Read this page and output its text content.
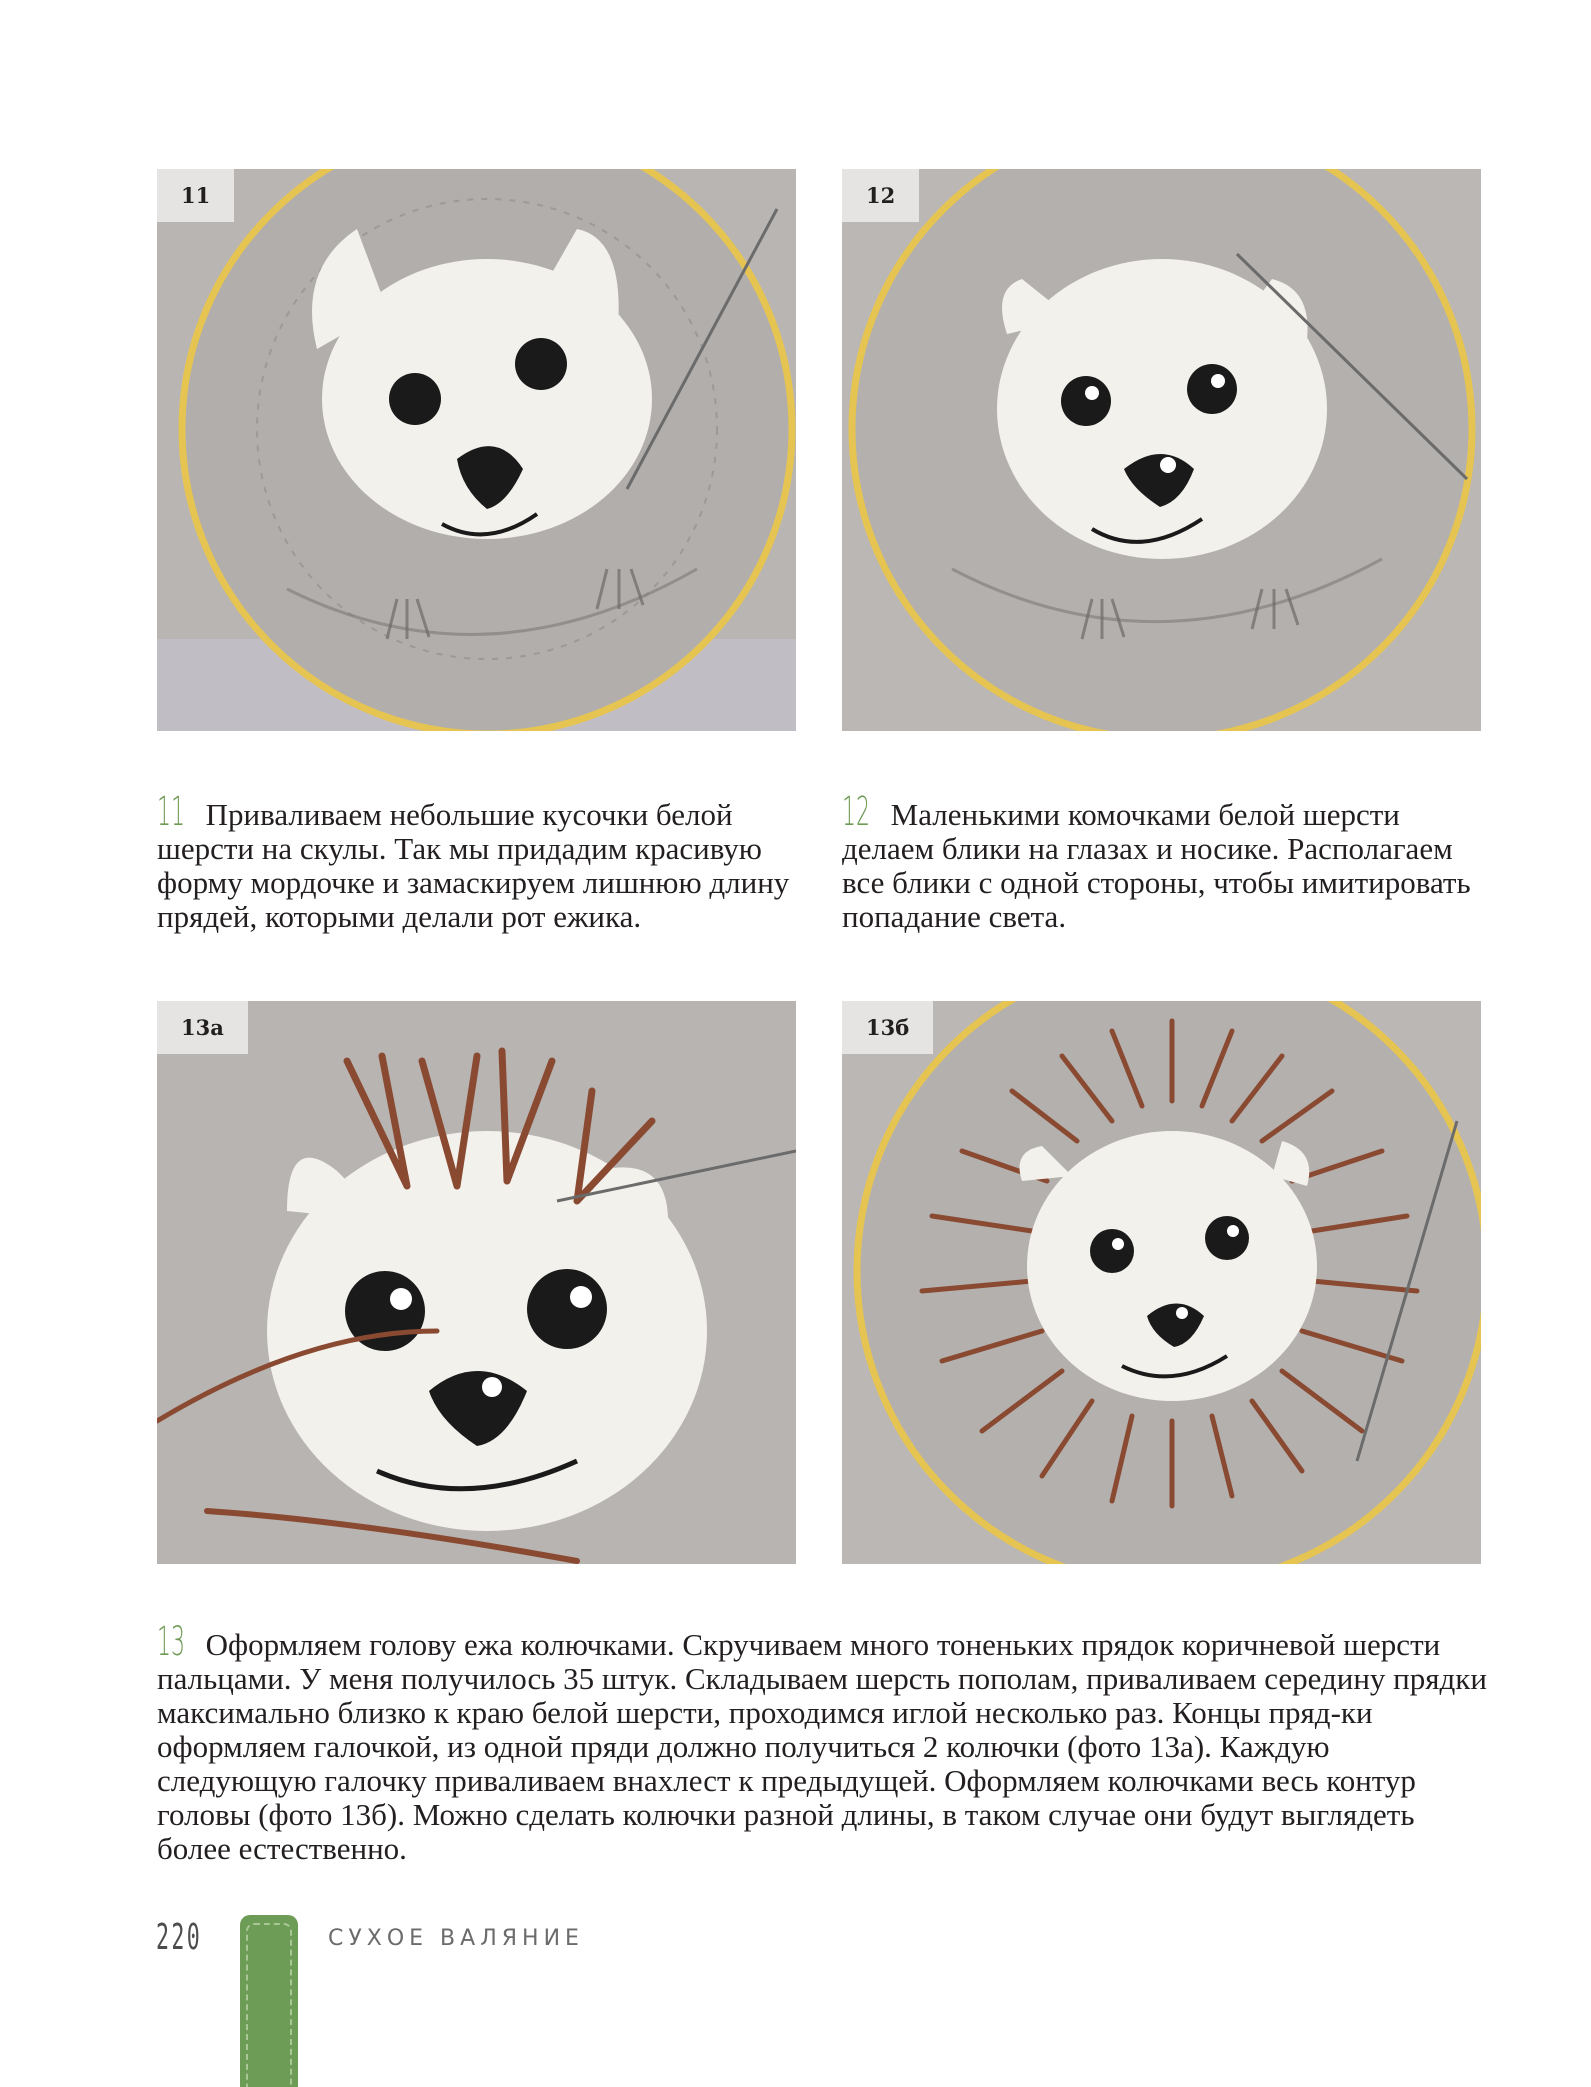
11	12
11 Приваливаем небольшие кусочки белой шерсти на скулы. Так мы придадим красивую форму мордочке и замаскируем лишнюю длину прядей, которыми делали рот ежика.
12 Маленькими комочками белой шерсти делаем блики на глазах и носике. Располагаем все блики с одной стороны, чтобы имитировать попадание света.
13а	13б
13 Оформляем голову ежа колючками. Скручиваем много тоненьких прядок коричневой шерсти пальцами. У меня получилось 35 штук. Складываем шерсть пополам, приваливаем середину прядки максимально близко к краю белой шерсти, проходимся иглой несколько раз. Концы пряд-ки оформляем галочкой, из одной пряди должно получиться 2 колючки (фото 13а). Каждую следующую галочку приваливаем внахлест к предыдущей. Оформляем колючками весь контур головы (фото 13б). Можно сделать колючки разной длины, в таком случае они будут выглядеть более естественно.
220	СУХОЕ ВАЛЯНИЕ
